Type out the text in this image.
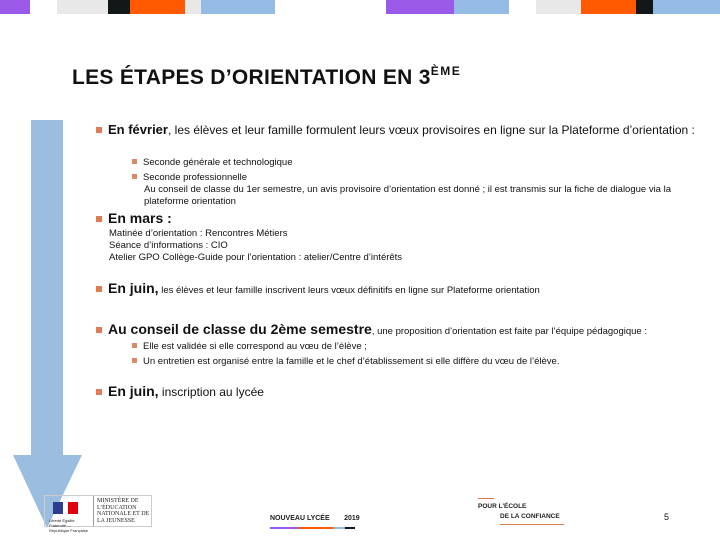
LES ÉTAPES D’ORIENTATION EN 3ÈME
En février, les élèves et leur famille formulent leurs vœux provisoires en ligne sur la Plateforme d’orientation :
Seconde générale et technologique
Seconde professionnelle
Au conseil de classe du 1er semestre, un avis provisoire d’orientation est donné ; il est transmis sur la fiche de dialogue via la plateforme orientation
En mars :
Matinée d’orientation : Rencontres Métiers
Séance d’informations : CIO
Atelier GPO Collège-Guide pour l’orientation : atelier/Centre d’intérêts
En juin, les élèves et leur famille inscrivent leurs vœux définitifs en ligne sur Plateforme orientation
Au conseil de classe du 2ème semestre, une proposition d’orientation est faite par l’équipe pédagogique :
Elle est validée si elle correspond au vœu de l’élève ;
Un entretien est organisé entre la famille et le chef d’établissement si elle diffère du vœu de l’élève.
En juin, inscription au lycée
Liberté Égalité Fraternité — République Française
MINISTÈRE DE L’ÉDUCATION NATIONALE ET DE LA JEUNESSE	NOUVEAU LYCÉE 2019
POUR L’ÉCOLE
DE LA CONFIANCE	5
